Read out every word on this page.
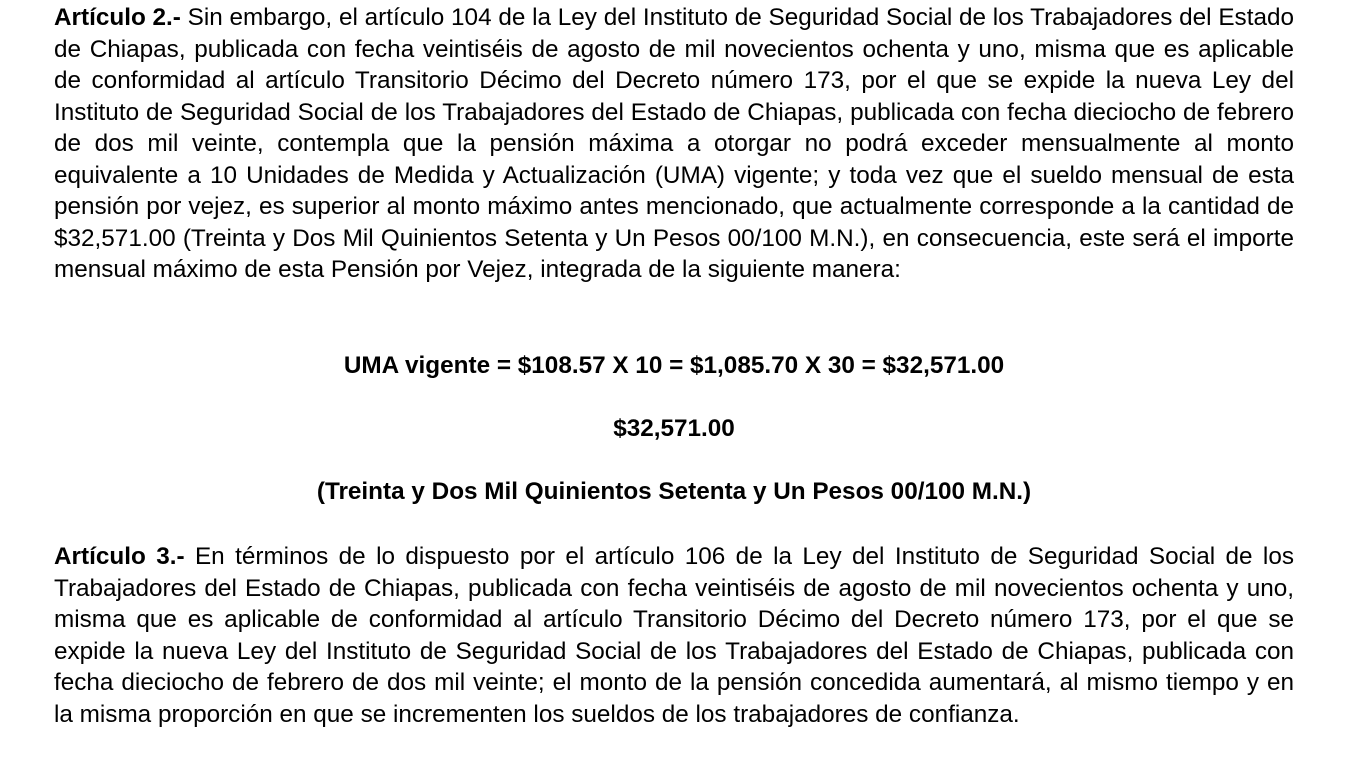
Artículo 2.- Sin embargo, el artículo 104 de la Ley del Instituto de Seguridad Social de los Trabajadores del Estado de Chiapas, publicada con fecha veintiséis de agosto de mil novecientos ochenta y uno, misma que es aplicable de conformidad al artículo Transitorio Décimo del Decreto número 173, por el que se expide la nueva Ley del Instituto de Seguridad Social de los Trabajadores del Estado de Chiapas, publicada con fecha dieciocho de febrero de dos mil veinte, contempla que la pensión máxima a otorgar no podrá exceder mensualmente al monto equivalente a 10 Unidades de Medida y Actualización (UMA) vigente; y toda vez que el sueldo mensual de esta pensión por vejez, es superior al monto máximo antes mencionado, que actualmente corresponde a la cantidad de $32,571.00 (Treinta y Dos Mil Quinientos Setenta y Un Pesos 00/100 M.N.), en consecuencia, este será el importe mensual máximo de esta Pensión por Vejez, integrada de la siguiente manera:

UMA vigente = $108.57 X 10 = $1,085.70 X 30 = $32,571.00

$32,571.00

(Treinta y Dos Mil Quinientos Setenta y Un Pesos 00/100 M.N.)

Artículo 3.- En términos de lo dispuesto por el artículo 106 de la Ley del Instituto de Seguridad Social de los Trabajadores del Estado de Chiapas, publicada con fecha veintiséis de agosto de mil novecientos ochenta y uno, misma que es aplicable de conformidad al artículo Transitorio Décimo del Decreto número 173, por el que se expide la nueva Ley del Instituto de Seguridad Social de los Trabajadores del Estado de Chiapas, publicada con fecha dieciocho de febrero de dos mil veinte; el monto de la pensión concedida aumentará, al mismo tiempo y en la misma proporción en que se incrementen los sueldos de los trabajadores de confianza.
